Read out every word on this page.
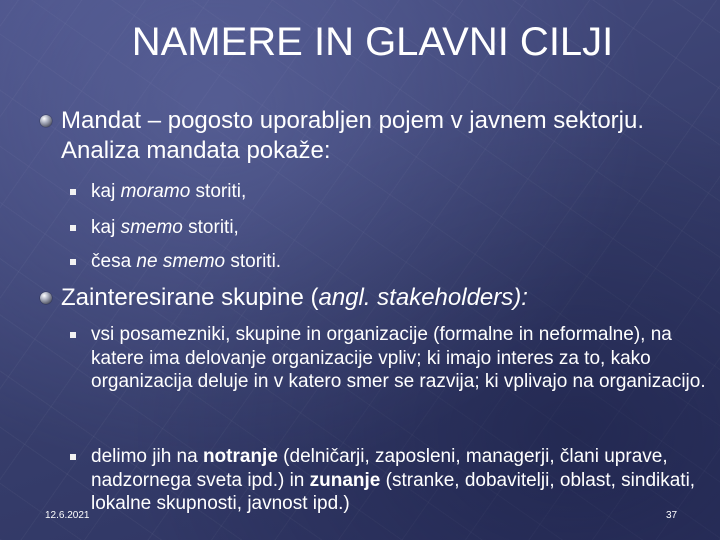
NAMERE IN GLAVNI CILJI
Mandat – pogosto uporabljen pojem v javnem sektorju. Analiza mandata pokaže:
kaj moramo storiti,
kaj smemo storiti,
česa ne smemo storiti.
Zainteresirane skupine (angl. stakeholders):
vsi posamezniki, skupine in organizacije (formalne in neformalne), na katere ima delovanje organizacije vpliv; ki imajo interes za to, kako organizacija deluje in v katero smer se razvija; ki vplivajo na organizacijo.
delimo jih na notranje (delničarji, zaposleni, managerji, člani uprave, nadzornega sveta ipd.) in zunanje (stranke, dobavitelji, oblast, sindikati, lokalne skupnosti, javnost ipd.)
12.6.2021	37
